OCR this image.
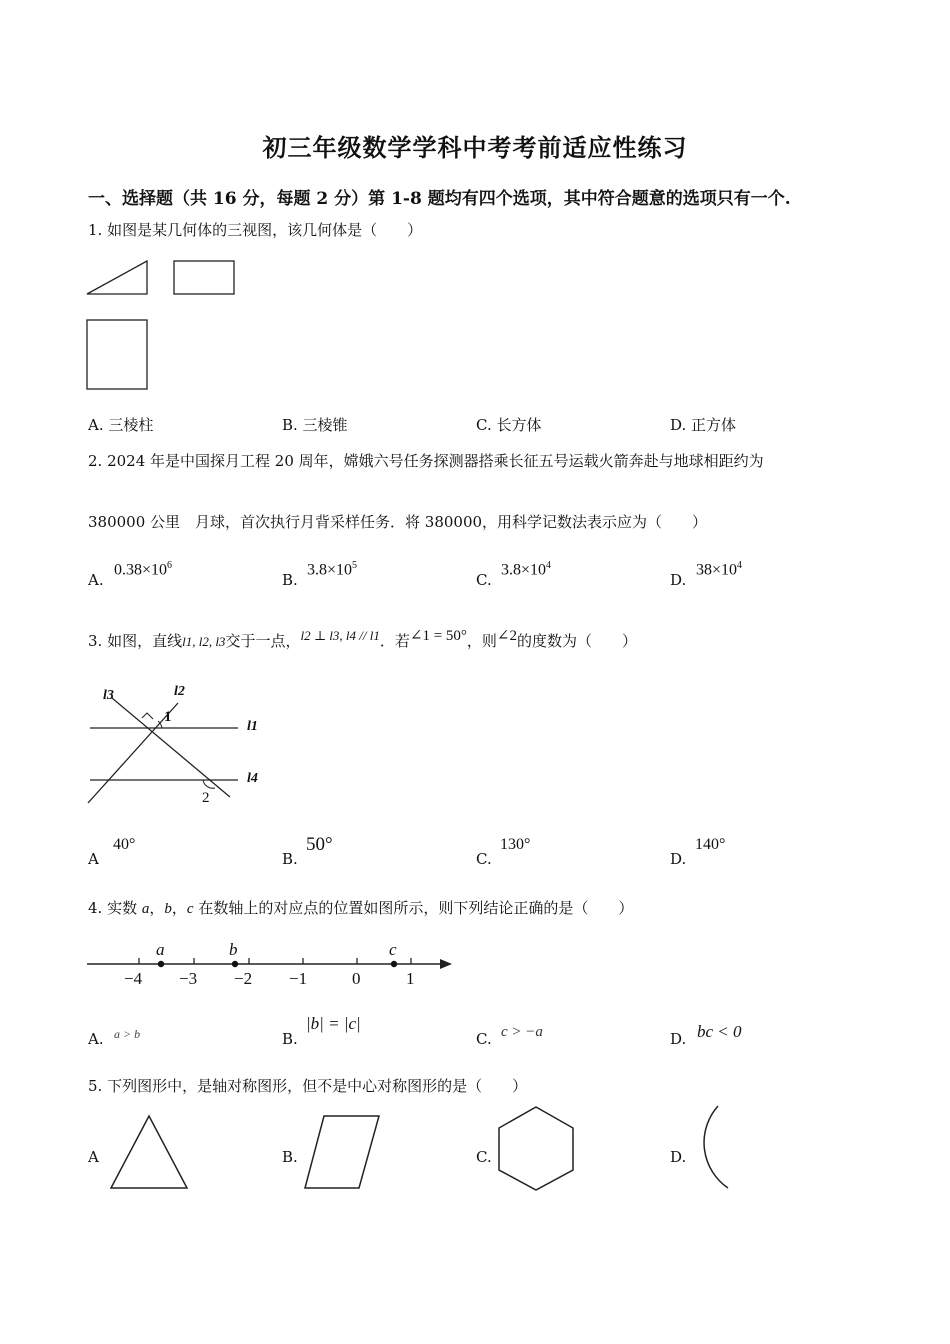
初三年级数学学科中考考前适应性练习
一、选择题（共 16 分，每题 2 分）第 1-8 题均有四个选项，其中符合题意的选项只有一个.
1. 如图是某几何体的三视图，该几何体是（　　）
A. 三棱柱	B. 三棱锥	C. 长方体	D. 正方体
2. 2024 年是中国探月工程 20 周年，嫦娥六号任务探测器搭乘长征五号运载火箭奔赴与地球相距约为
380000 公里　月球，首次执行月背采样任务．将 380000，用科学记数法表示应为（　　）
A.
$0.38\times 10^6$
B.
$3.8\times 10^5$
C.
$3.8\times 10^4$
D.
$38\times 10^4$
3. 如图，直线l1, l2, l3交于一点，l2 ⊥ l3, l4 // l1．若∠1 = 50°，则∠2的度数为（　　）
l3	l2
1
l1
l4
2
A
40°
B.
50°
C.
130°
D.
140°
4. 实数 a，b，c 在数轴上的对应点的位置如图所示，则下列结论正确的是（　　）
a	b	c
−4 −3 −2 −1	0	1
A. a > b	B.
|b| = |c|
C. c > −a	D. bc < 0
5. 下列图形中，是轴对称图形，但不是中心对称图形的是（　　）
A	B.	C.	D.
